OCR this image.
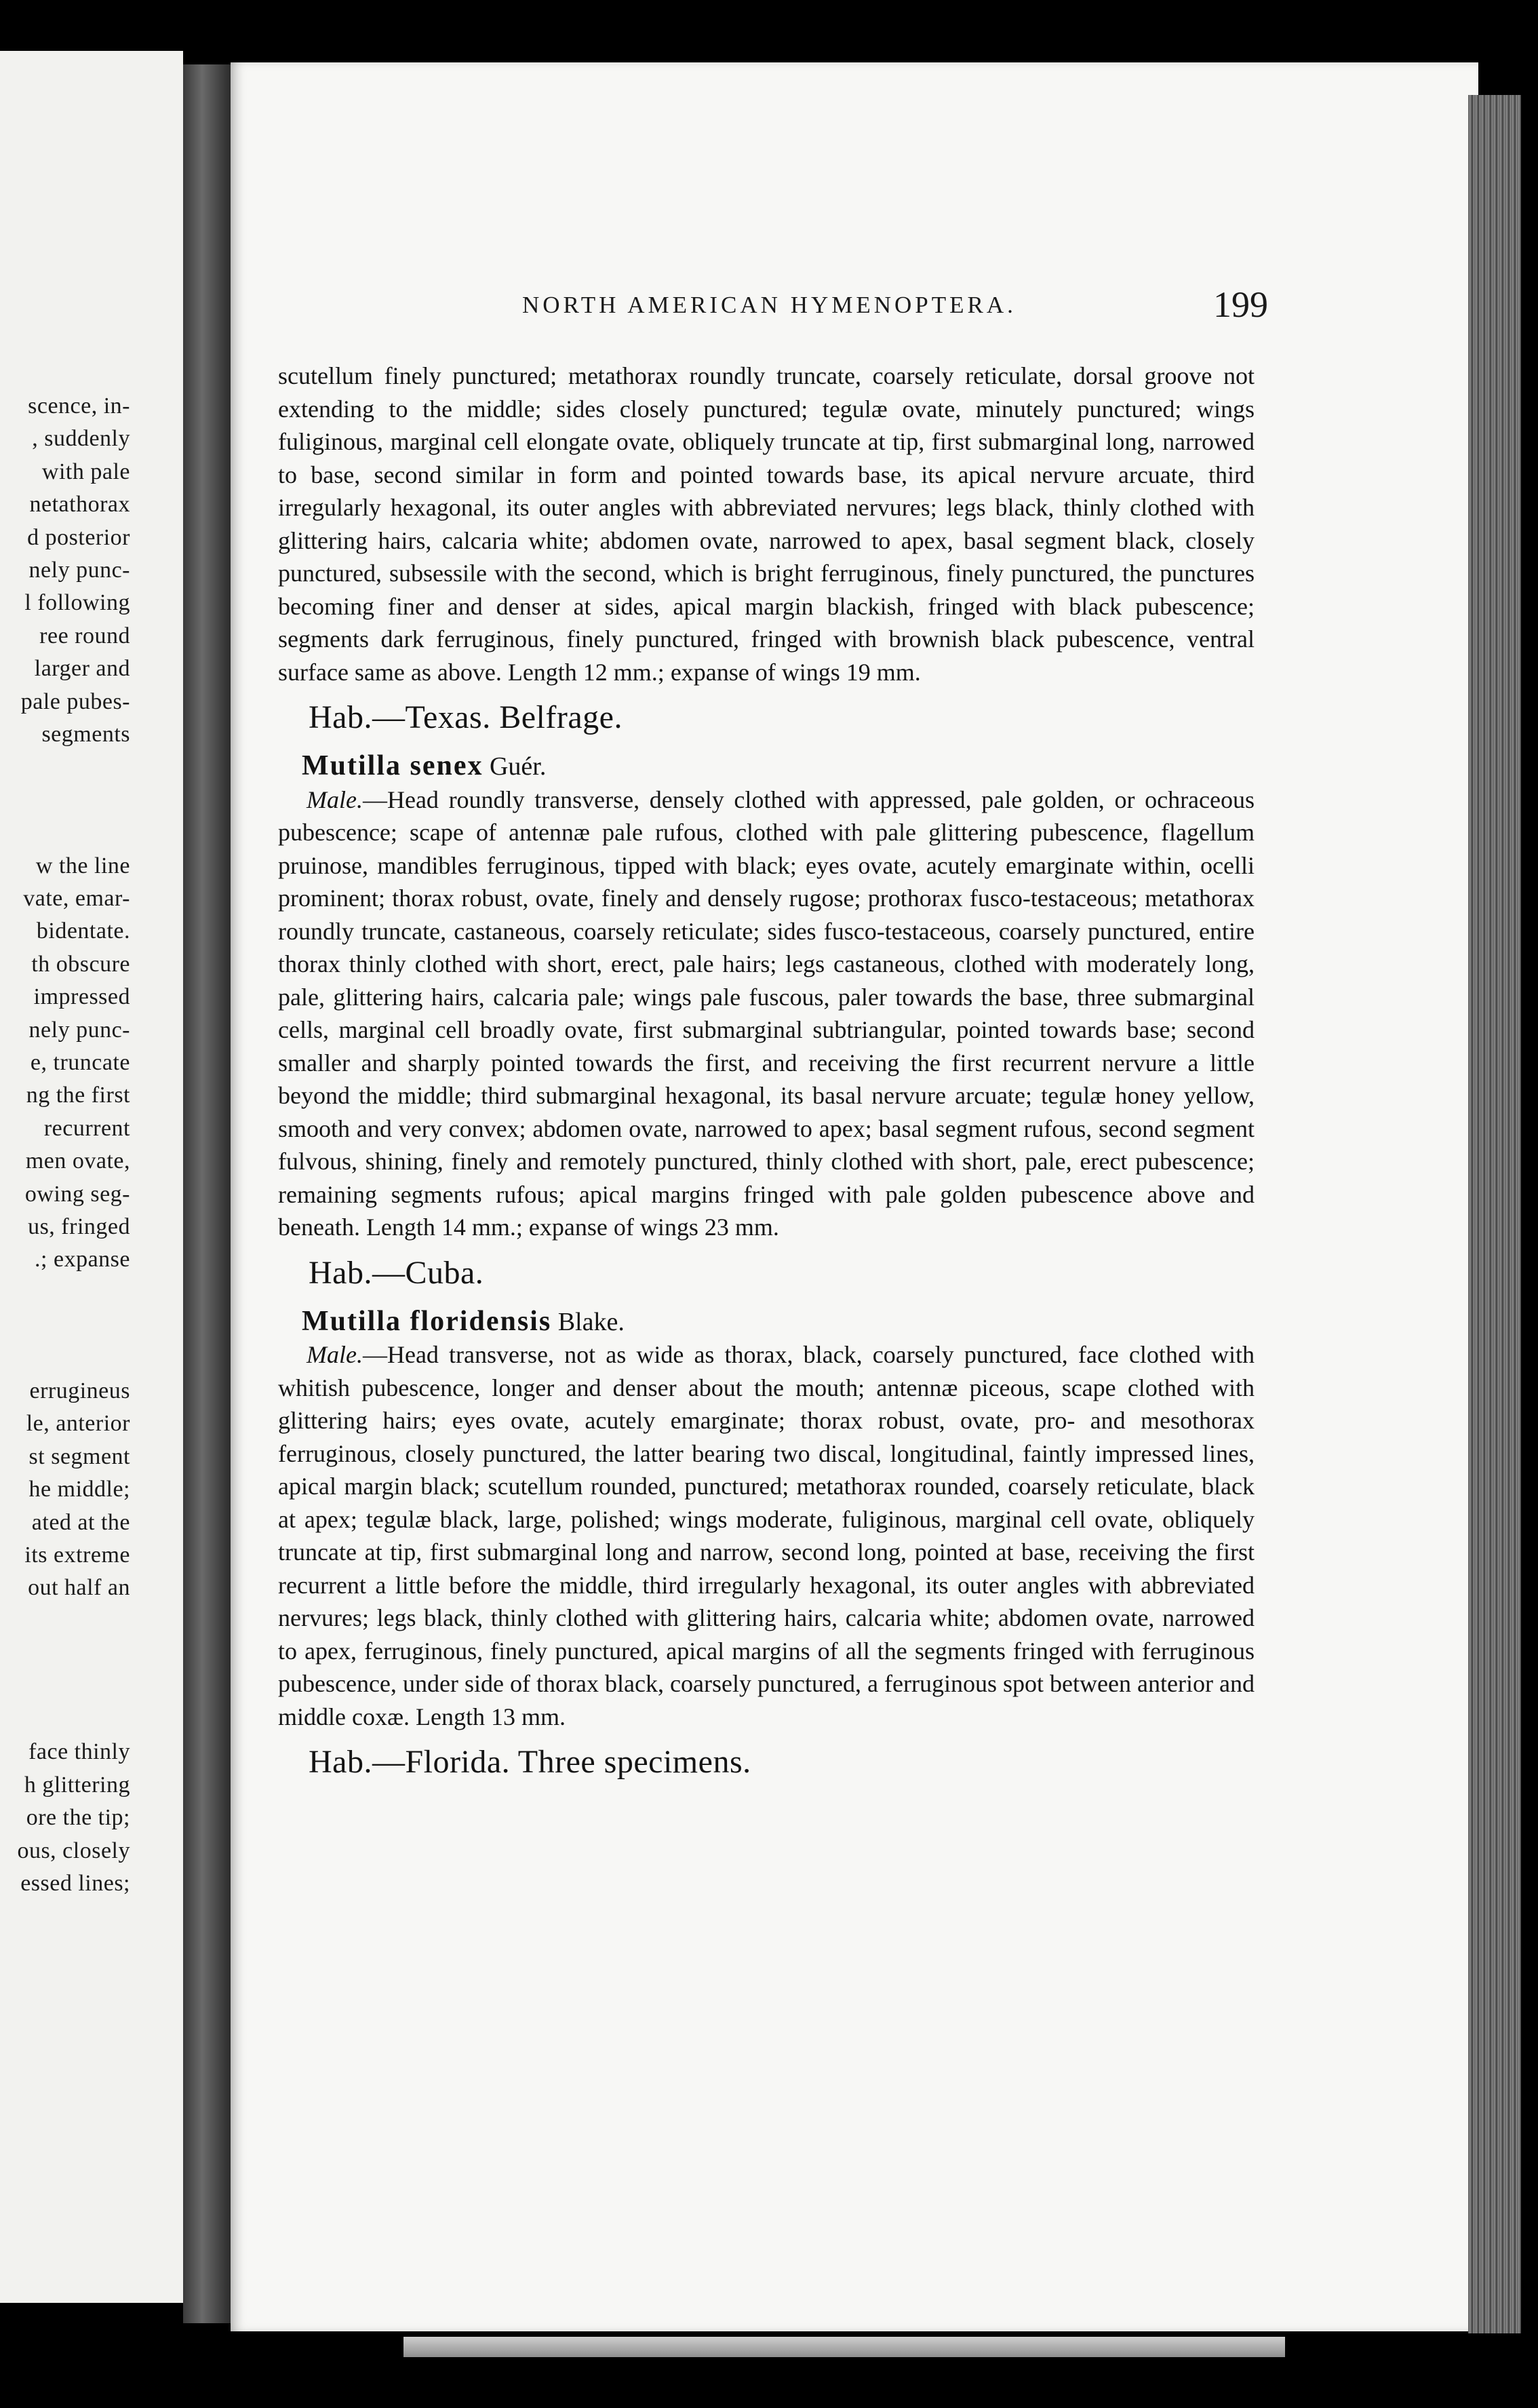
scence, in-
, suddenly
with pale
netathorax
d posterior
nely punc-
l following
ree round
larger and
pale pubes-
segments
w the line
vate, emar-
bidentate.
th obscure
impressed
nely punc-
e, truncate
ng the first
recurrent
men ovate,
owing seg-
us, fringed
.; expanse
errugineus
le, anterior
st segment
he middle;
ated at the
its extreme
out half an
face thinly
h glittering
ore the tip;
ous, closely
essed lines;
NORTH AMERICAN HYMENOPTERA.	199

scutellum finely punctured; metathorax roundly truncate, coarsely reticulate, dorsal groove not extending to the middle; sides closely punctured; tegulæ ovate, minutely punctured; wings fuliginous, marginal cell elongate ovate, obliquely truncate at tip, first submarginal long, narrowed to base, second similar in form and pointed towards base, its apical nervure arcuate, third irregularly hexagonal, its outer angles with abbreviated nervures; legs black, thinly clothed with glittering hairs, calcaria white; abdomen ovate, narrowed to apex, basal segment black, closely punctured, subsessile with the second, which is bright ferruginous, finely punctured, the punctures becoming finer and denser at sides, apical margin blackish, fringed with black pubescence; segments dark ferruginous, finely punctured, fringed with brownish black pubescence, ventral surface same as above. Length 12 mm.; expanse of wings 19 mm.

Hab.—Texas. Belfrage.

Mutilla senex Guér.

Male.—Head roundly transverse, densely clothed with appressed, pale golden, or ochraceous pubescence; scape of antennæ pale rufous, clothed with pale glittering pubescence, flagellum pruinose, mandibles ferruginous, tipped with black; eyes ovate, acutely emarginate within, ocelli prominent; thorax robust, ovate, finely and densely rugose; prothorax fusco-testaceous; metathorax roundly truncate, castaneous, coarsely reticulate; sides fusco-testaceous, coarsely punctured, entire thorax thinly clothed with short, erect, pale hairs; legs castaneous, clothed with moderately long, pale, glittering hairs, calcaria pale; wings pale fuscous, paler towards the base, three submarginal cells, marginal cell broadly ovate, first submarginal subtriangular, pointed towards base; second smaller and sharply pointed towards the first, and receiving the first recurrent nervure a little beyond the middle; third submarginal hexagonal, its basal nervure arcuate; tegulæ honey yellow, smooth and very convex; abdomen ovate, narrowed to apex; basal segment rufous, second segment fulvous, shining, finely and remotely punctured, thinly clothed with short, pale, erect pubescence; remaining segments rufous; apical margins fringed with pale golden pubescence above and beneath. Length 14 mm.; expanse of wings 23 mm.

Hab.—Cuba.

Mutilla floridensis Blake.

Male.—Head transverse, not as wide as thorax, black, coarsely punctured, face clothed with whitish pubescence, longer and denser about the mouth; antennæ piceous, scape clothed with glittering hairs; eyes ovate, acutely emarginate; thorax robust, ovate, pro- and mesothorax ferruginous, closely punctured, the latter bearing two discal, longitudinal, faintly impressed lines, apical margin black; scutellum rounded, punctured; metathorax rounded, coarsely reticulate, black at apex; tegulæ black, large, polished; wings moderate, fuliginous, marginal cell ovate, obliquely truncate at tip, first submarginal long and narrow, second long, pointed at base, receiving the first recurrent a little before the middle, third irregularly hexagonal, its outer angles with abbreviated nervures; legs black, thinly clothed with glittering hairs, calcaria white; abdomen ovate, narrowed to apex, ferruginous, finely punctured, apical margins of all the segments fringed with ferruginous pubescence, under side of thorax black, coarsely punctured, a ferruginous spot between anterior and middle coxæ. Length 13 mm.

Hab.—Florida. Three specimens.
